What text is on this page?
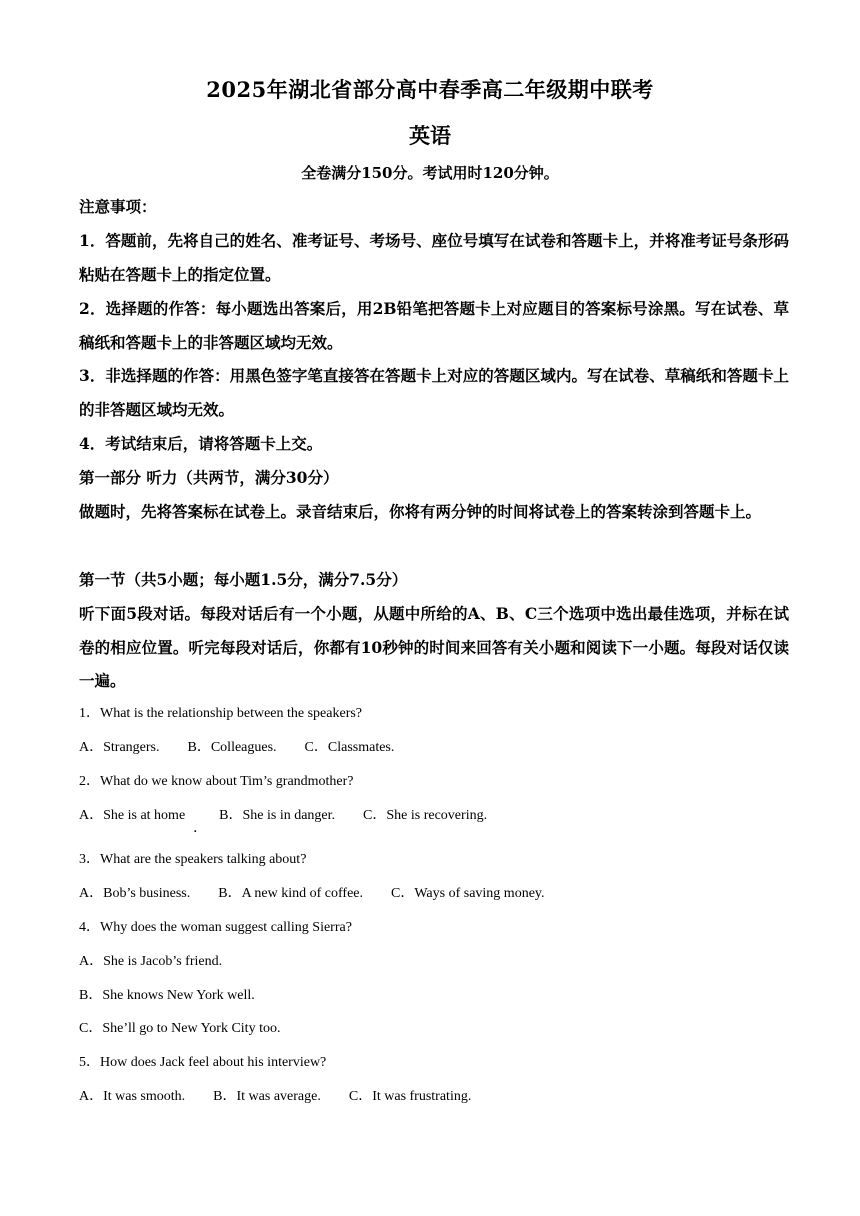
2025年湖北省部分高中春季高二年级期中联考
英语
全卷满分150分。考试用时120分钟。
注意事项：
1．答题前，先将自己的姓名、准考证号、考场号、座位号填写在试卷和答题卡上，并将准考证号条形码粘贴在答题卡上的指定位置。
2．选择题的作答：每小题选出答案后，用2B铅笔把答题卡上对应题目的答案标号涂黑。写在试卷、草稿纸和答题卡上的非答题区域均无效。
3．非选择题的作答：用黑色签字笔直接答在答题卡上对应的答题区域内。写在试卷、草稿纸和答题卡上的非答题区域均无效。
4．考试结束后，请将答题卡上交。
第一部分 听力（共两节，满分30分）
做题时，先将答案标在试卷上。录音结束后，你将有两分钟的时间将试卷上的答案转涂到答题卡上。
第一节（共5小题；每小题1.5分，满分7.5分）
听下面5段对话。每段对话后有一个小题，从题中所给的A、B、C三个选项中选出最佳选项，并标在试卷的相应位置。听完每段对话后，你都有10秒钟的时间来回答有关小题和阅读下一小题。每段对话仅读一遍。
1．What is the relationship between the speakers?
A．Strangers. B．Colleagues. C．Classmates.
2．What do we know about Tim’s grandmother?
A．She is at home B．She is in danger. C．She is recovering.
.
3．What are the speakers talking about?
A．Bob’s business. B．A new kind of coffee. C．Ways of saving money.
4．Why does the woman suggest calling Sierra?
A．She is Jacob’s friend.
B．She knows New York well.
C．She’ll go to New York City too.
5．How does Jack feel about his interview?
A．It was smooth. B．It was average. C．It was frustrating.
